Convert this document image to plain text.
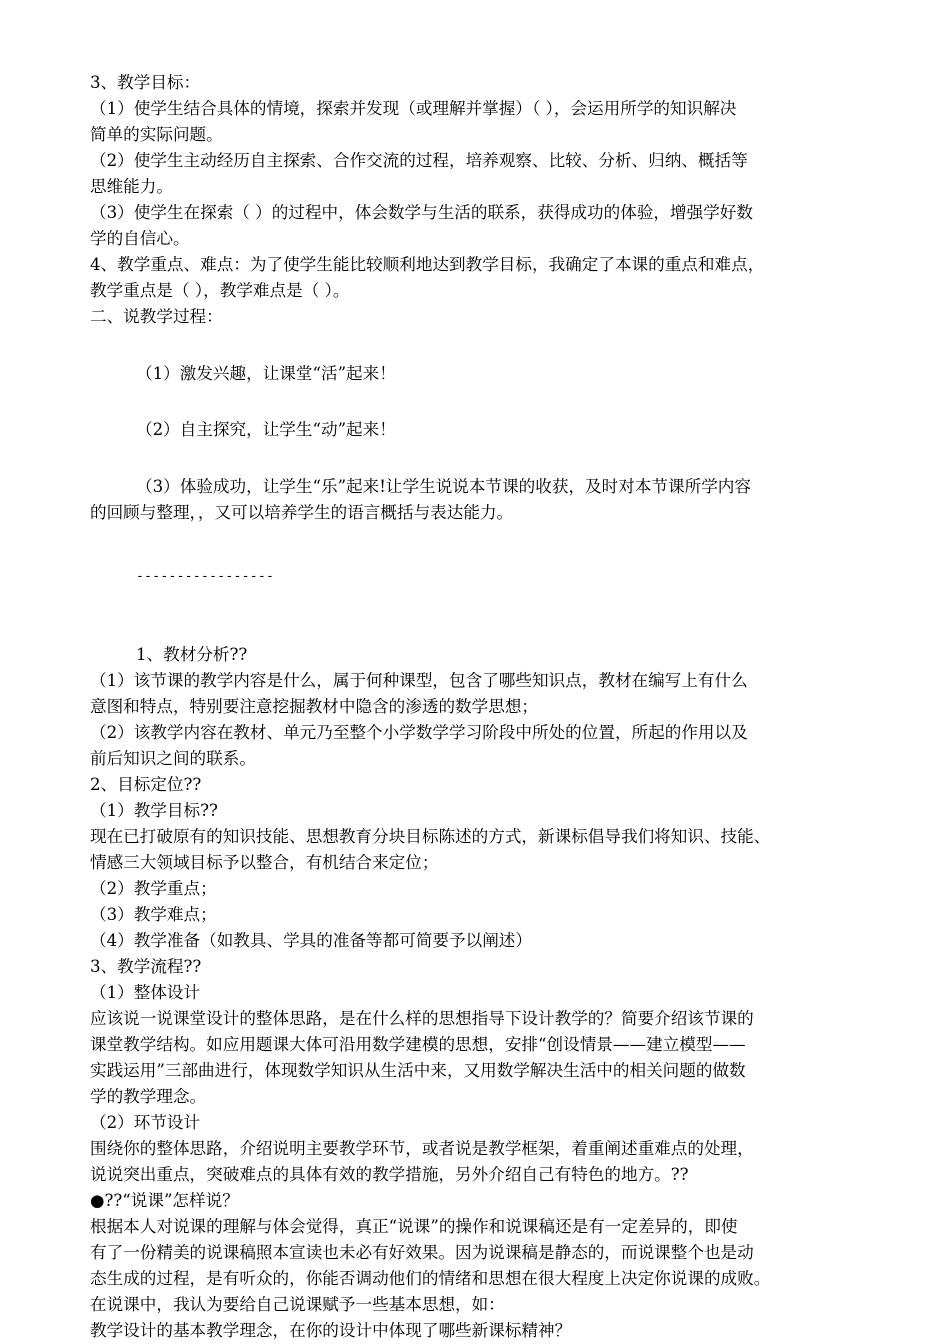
3、教学目标：
（1）使学生结合具体的情境，探索并发现（或理解并掌握）（ ），会运用所学的知识解决
简单的实际问题。
（2）使学生主动经历自主探索、合作交流的过程，培养观察、比较、分析、归纳、概括等
思维能力。
（3）使学生在探索（ ）的过程中，体会数学与生活的联系，获得成功的体验，增强学好数
学的自信心。
4、教学重点、难点：为了使学生能比较顺利地达到教学目标，我确定了本课的重点和难点，
教学重点是（ ），教学难点是（ ）。
二、说教学过程：
（1）激发兴趣，让课堂“活”起来！
（2）自主探究，让学生“动”起来！
（3）体验成功，让学生“乐”起来!让学生说说本节课的收获，及时对本节课所学内容
的回顾与整理，，又可以培养学生的语言概括与表达能力。
-----------------
1、教材分析??
（1）该节课的教学内容是什么，属于何种课型，包含了哪些知识点，教材在编写上有什么
意图和特点，特别要注意挖掘教材中隐含的渗透的数学思想；
（2）该教学内容在教材、单元乃至整个小学数学学习阶段中所处的位置，所起的作用以及
前后知识之间的联系。
2、目标定位??
（1）教学目标??
现在已打破原有的知识技能、思想教育分块目标陈述的方式，新课标倡导我们将知识、技能、
情感三大领域目标予以整合，有机结合来定位；
（2）教学重点；
（3）教学难点；
（4）教学准备（如教具、学具的准备等都可简要予以阐述）
3、教学流程??
（1）整体设计
应该说一说课堂设计的整体思路，是在什么样的思想指导下设计教学的？简要介绍该节课的
课堂教学结构。如应用题课大体可沿用数学建模的思想，安排“创设情景——建立模型——
实践运用”三部曲进行，体现数学知识从生活中来，又用数学解决生活中的相关问题的做数
学的教学理念。
（2）环节设计
围绕你的整体思路，介绍说明主要教学环节，或者说是教学框架，着重阐述重难点的处理，
说说突出重点，突破难点的具体有效的教学措施，另外介绍自己有特色的地方。??
●??“说课”怎样说？
根据本人对说课的理解与体会觉得，真正“说课”的操作和说课稿还是有一定差异的，即使
有了一份精美的说课稿照本宣读也未必有好效果。因为说课稿是静态的，而说课整个也是动
态生成的过程，是有听众的，你能否调动他们的情绪和思想在很大程度上决定你说课的成败。
在说课中，我认为要给自己说课赋予一些基本思想，如：
教学设计的基本教学理念，在你的设计中体现了哪些新课标精神？
